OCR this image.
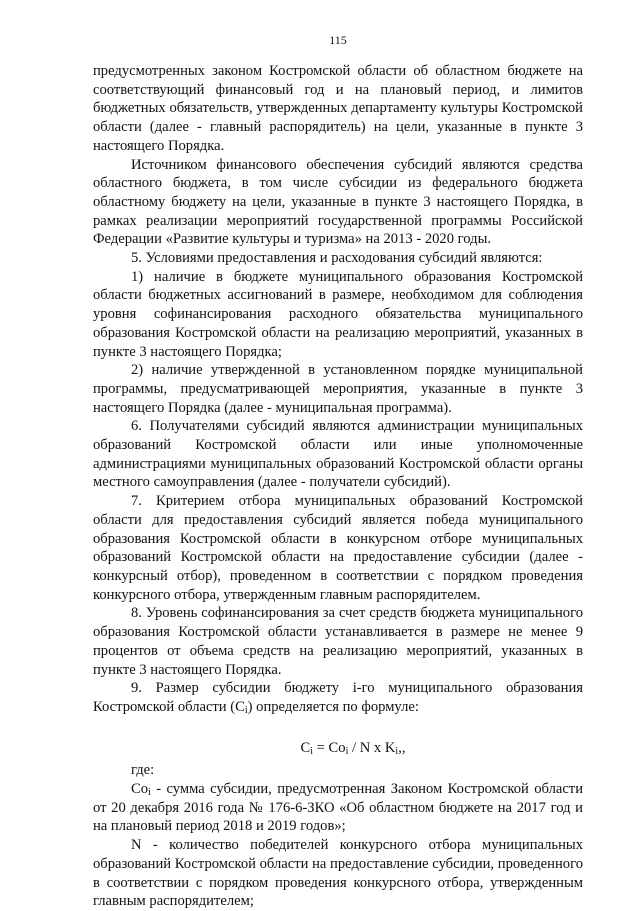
115

предусмотренных законом Костромской области об областном бюджете на соответствующий финансовый год и на плановый период, и лимитов бюджетных обязательств, утвержденных департаменту культуры Костромской области (далее - главный распорядитель) на цели, указанные в пункте 3 настоящего Порядка.

Источником финансового обеспечения субсидий являются средства областного бюджета, в том числе субсидии из федерального бюджета областному бюджету на цели, указанные в пункте 3 настоящего Порядка, в рамках реализации мероприятий государственной программы Российской Федерации «Развитие культуры и туризма» на 2013 - 2020 годы.

5. Условиями предоставления и расходования субсидий являются:

1) наличие в бюджете муниципального образования Костромской области бюджетных ассигнований в размере, необходимом для соблюдения уровня софинансирования расходного обязательства муниципального образования Костромской области на реализацию мероприятий, указанных в пункте 3 настоящего Порядка;

2) наличие утвержденной в установленном порядке муниципальной программы, предусматривающей мероприятия, указанные в пункте 3 настоящего Порядка (далее - муниципальная программа).

6. Получателями субсидий являются администрации муниципальных образований Костромской области или иные уполномоченные администрациями муниципальных образований Костромской области органы местного самоуправления (далее - получатели субсидий).

7. Критерием отбора муниципальных образований Костромской области для предоставления субсидий является победа муниципального образования Костромской области в конкурсном отборе муниципальных образований Костромской области на предоставление субсидии (далее - конкурсный отбор), проведенном в соответствии с порядком проведения конкурсного отбора, утвержденным главным распорядителем.

8. Уровень софинансирования за счет средств бюджета муниципального образования Костромской области устанавливается в размере не менее 9 процентов от объема средств на реализацию мероприятий, указанных в пункте 3 настоящего Порядка.

9. Размер субсидии бюджету i-го муниципального образования Костромской области $(С_i)$ определяется по формуле:

$С_i = Со_i / N$ x $K_i$,,

где:

$Со_i$ - сумма субсидии, предусмотренная Законом Костромской области от 20 декабря 2016 года № 176-6-ЗКО «Об областном бюджете на 2017 год и на плановый период 2018 и 2019 годов»;

N - количество победителей конкурсного отбора муниципальных образований Костромской области на предоставление субсидии, проведенного в соответствии с порядком проведения конкурсного отбора, утвержденным главным распорядителем;
